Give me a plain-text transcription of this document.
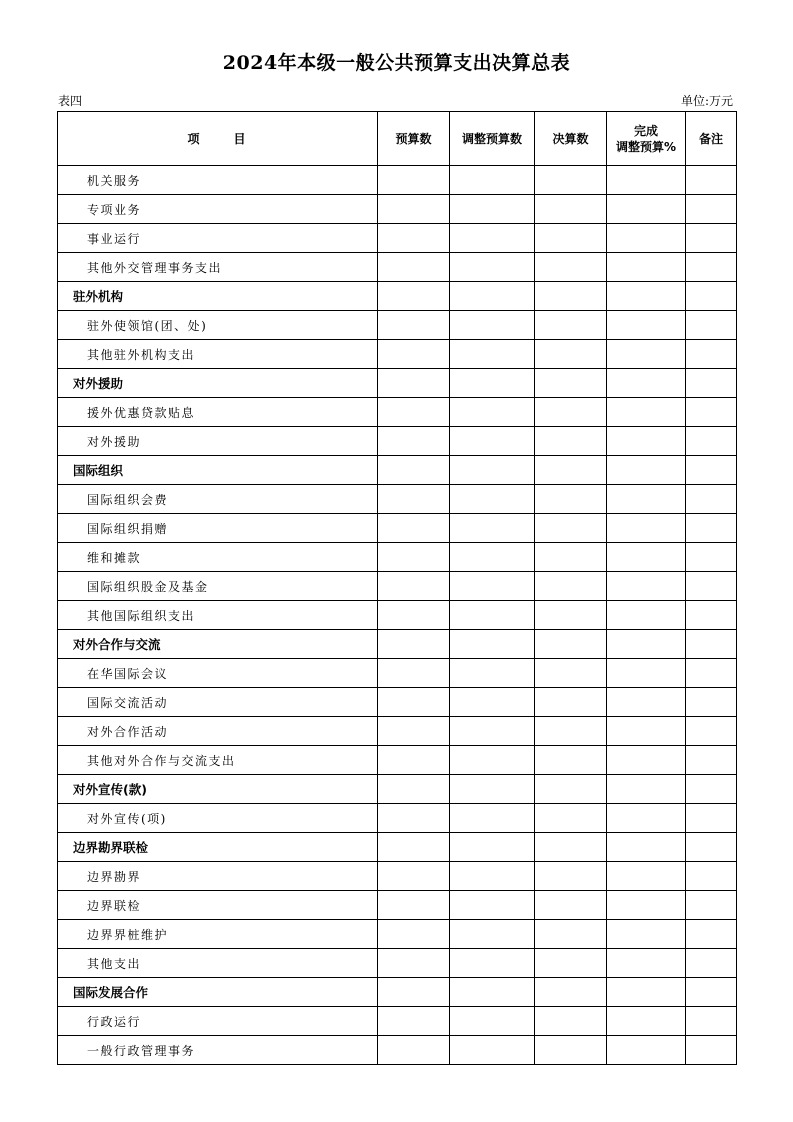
2024年本级一般公共预算支出决算总表
表四	单位:万元
项 目	预算数	调整预算数	决算数	完成
调整预算%	备注
机关服务					
专项业务					
事业运行					
其他外交管理事务支出					
驻外机构					
驻外使领馆(团、处)					
其他驻外机构支出					
对外援助					
援外优惠贷款贴息					
对外援助					
国际组织					
国际组织会费					
国际组织捐赠					
维和摊款					
国际组织股金及基金					
其他国际组织支出					
对外合作与交流					
在华国际会议					
国际交流活动					
对外合作活动					
其他对外合作与交流支出					
对外宣传(款)					
对外宣传(项)					
边界勘界联检					
边界勘界					
边界联检					
边界界桩维护					
其他支出					
国际发展合作					
行政运行					
一般行政管理事务					
